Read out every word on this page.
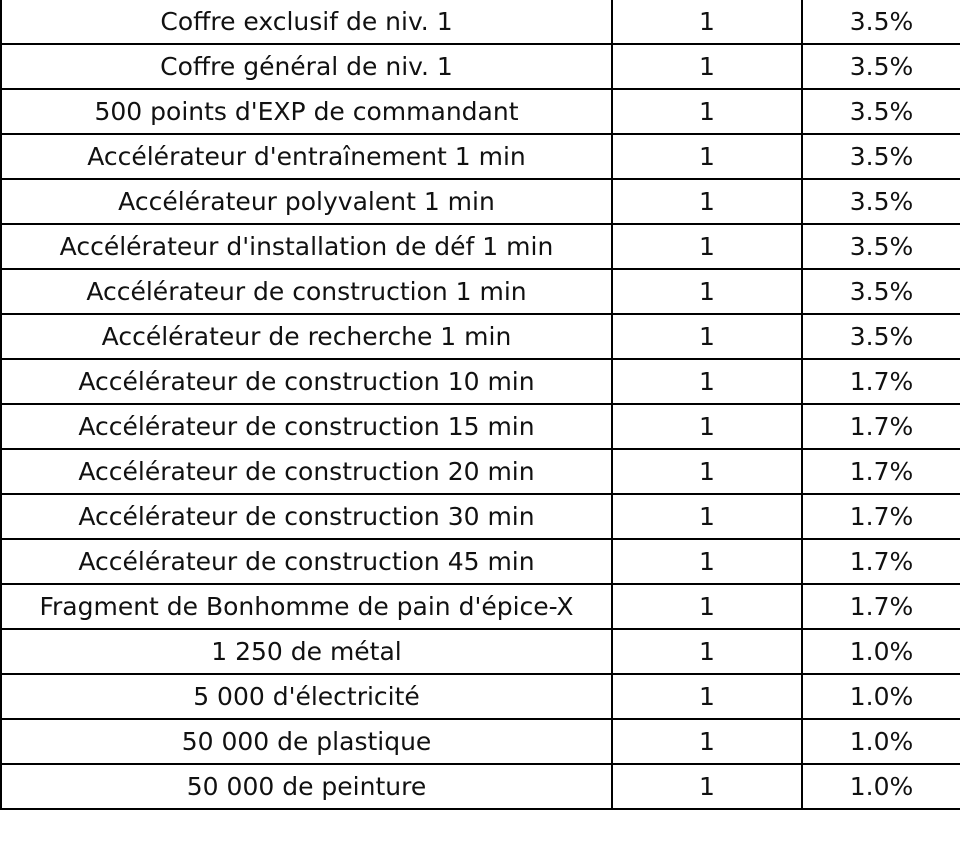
Coffre exclusif de niv. 1	1	3.5%
Coffre général de niv. 1	1	3.5%
500 points d'EXP de commandant	1	3.5%
Accélérateur d'entraînement 1 min	1	3.5%
Accélérateur polyvalent 1 min	1	3.5%
Accélérateur d'installation de déf 1 min	1	3.5%
Accélérateur de construction 1 min	1	3.5%
Accélérateur de recherche 1 min	1	3.5%
Accélérateur de construction 10 min	1	1.7%
Accélérateur de construction 15 min	1	1.7%
Accélérateur de construction 20 min	1	1.7%
Accélérateur de construction 30 min	1	1.7%
Accélérateur de construction 45 min	1	1.7%
Fragment de Bonhomme de pain d'épice-X	1	1.7%
1 250 de métal	1	1.0%
5 000 d'électricité	1	1.0%
50 000 de plastique	1	1.0%
50 000 de peinture	1	1.0%
